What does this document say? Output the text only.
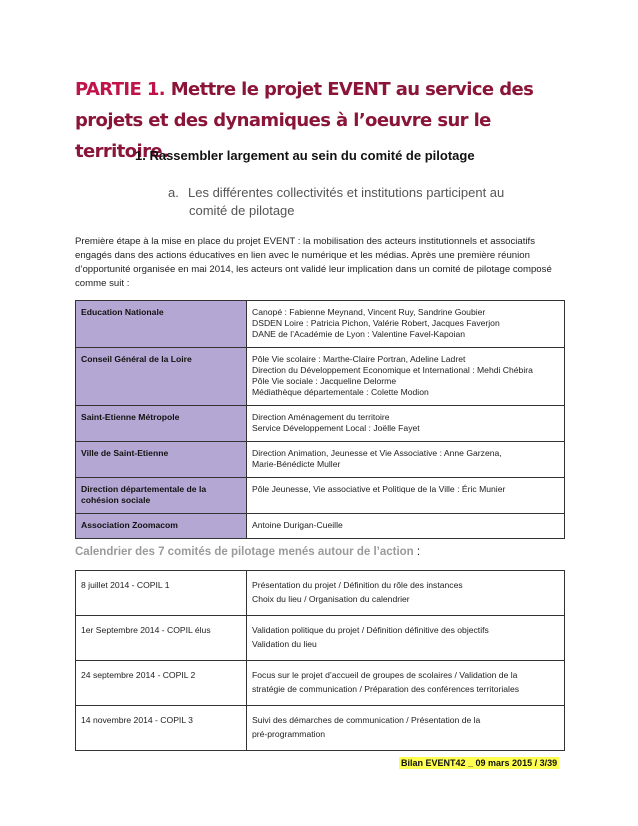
PARTIE 1. Mettre le projet EVENT au service des projets et des dynamiques à l’oeuvre sur le territoire.
1. Rassembler largement au sein du comité de pilotage
a. Les différentes collectivités et institutions participent au
comité de pilotage
Première étape à la mise en place du projet EVENT : la mobilisation des acteurs institutionnels et associatifs engagés dans des actions éducatives en lien avec le numérique et les médias. Après une première réunion d’opportunité organisée en mai 2014, les acteurs ont validé leur implication dans un comité de pilotage composé comme suit :
Education Nationale	Canopé : Fabienne Meynand, Vincent Ruy, Sandrine Goubier
DSDEN Loire : Patricia Pichon, Valérie Robert, Jacques Faverjon
DANE de l’Académie de Lyon : Valentine Favel-Kapoian

Conseil Général de la Loire	Pôle Vie scolaire : Marthe-Claire Portran, Adeline Ladret
Direction du Développement Economique et International : Mehdi Chébira
Pôle Vie sociale : Jacqueline Delorme
Médiathèque départementale : Colette Modion

Saint-Etienne Métropole	Direction Aménagement du territoire
Service Développement Local : Joëlle Fayet

Ville de Saint-Etienne	Direction Animation, Jeunesse et Vie Associative : Anne Garzena,
Marie-Bénédicte Muller

Direction départementale de la cohésion sociale	Pôle Jeunesse, Vie associative et Politique de la Ville : Éric Munier

Association Zoomacom	Antoine Durigan-Cueille
Calendrier des 7 comités de pilotage menés autour de l’action :
8 juillet 2014 - COPIL 1	Présentation du projet / Définition du rôle des instances
Choix du lieu / Organisation du calendrier

1er Septembre 2014 - COPIL élus	Validation politique du projet / Définition définitive des objectifs
Validation du lieu

24 septembre 2014 - COPIL 2	Focus sur le projet d’accueil de groupes de scolaires / Validation de la
stratégie de communication / Préparation des conférences territoriales

14 novembre 2014 - COPIL 3	Suivi des démarches de communication / Présentation de la
pré-programmation
Bilan EVENT42 _ 09 mars 2015 / 3/39
